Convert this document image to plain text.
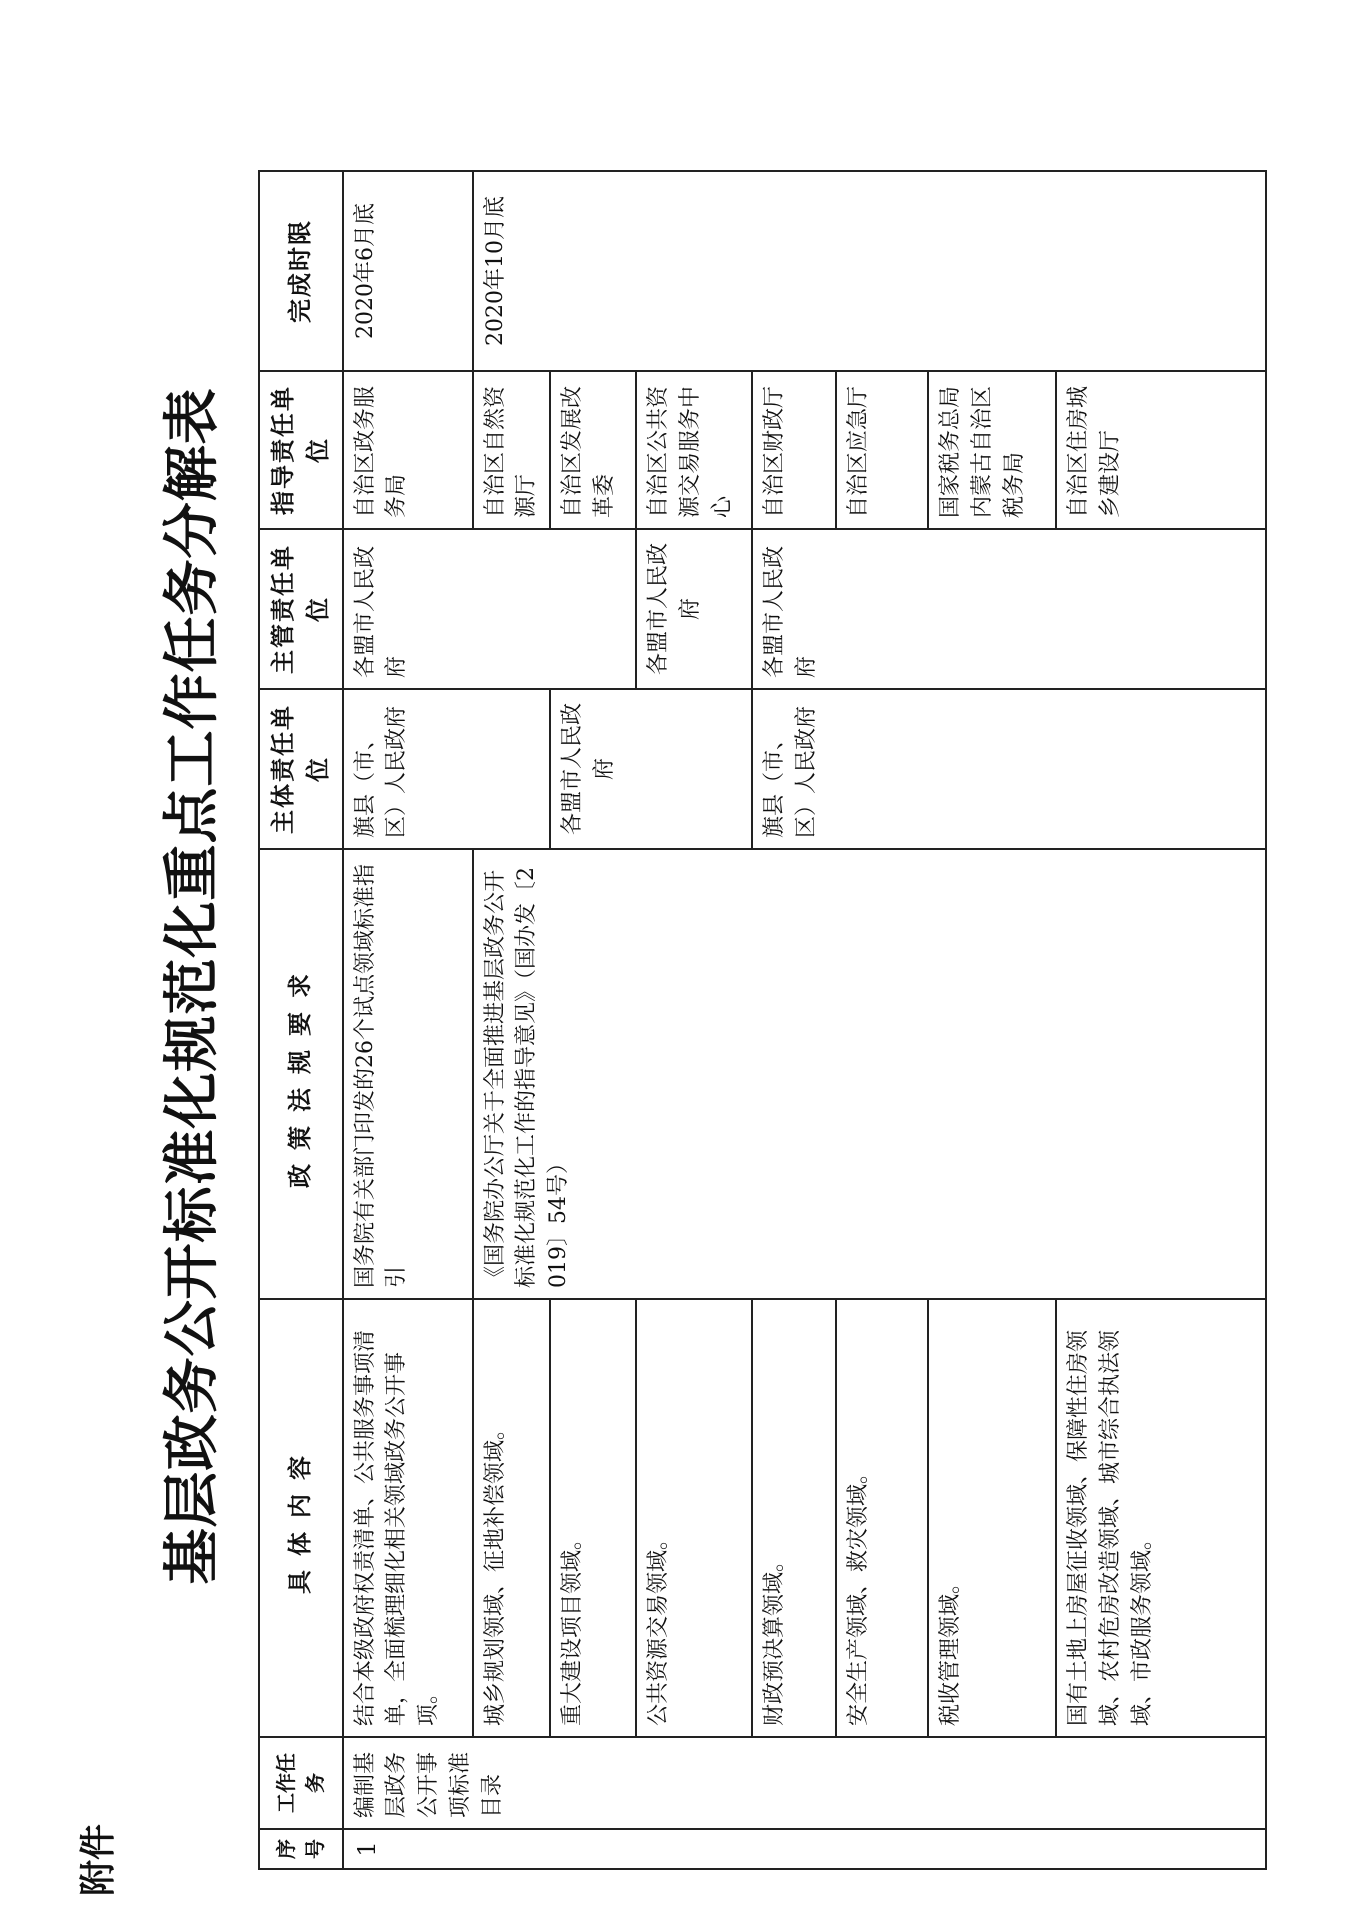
附件
基层政务公开标准化规范化重点工作任务分解表
序号	工作任务	具体内容	政策法规要求	主体责任单位	主管责任单位	指导责任单位	完成时限
1	编制基层政务公开事项标准目录	结合本级政府权责清单、公共服务事项清单，全面梳理细化相关领域政务公开事项。	国务院有关部门印发的26个试点领域标准指引	旗县（市、区）人民政府	各盟市人民政府	自治区政务服务局	2020年6月底
		城乡规划领域、征地补偿领域。	《国务院办公厅关于全面推进基层政务公开标准化规范化工作的指导意见》（国办发〔2019〕54号）			自治区自然资源厅	2020年10月底
		重大建设项目领域。		各盟市人民政府		自治区发展改革委	
		公共资源交易领域。			各盟市人民政府	自治区公共资源交易服务中心	
		财政预决算领域。		旗县（市、区）人民政府	各盟市人民政府	自治区财政厅	
		安全生产领域、救灾领域。				自治区应急厅	
		税收管理领域。				国家税务总局内蒙古自治区税务局	
		国有土地上房屋征收领域、保障性住房领域、农村危房改造领域、城市综合执法领域、市政服务领域。				自治区住房城乡建设厅	
